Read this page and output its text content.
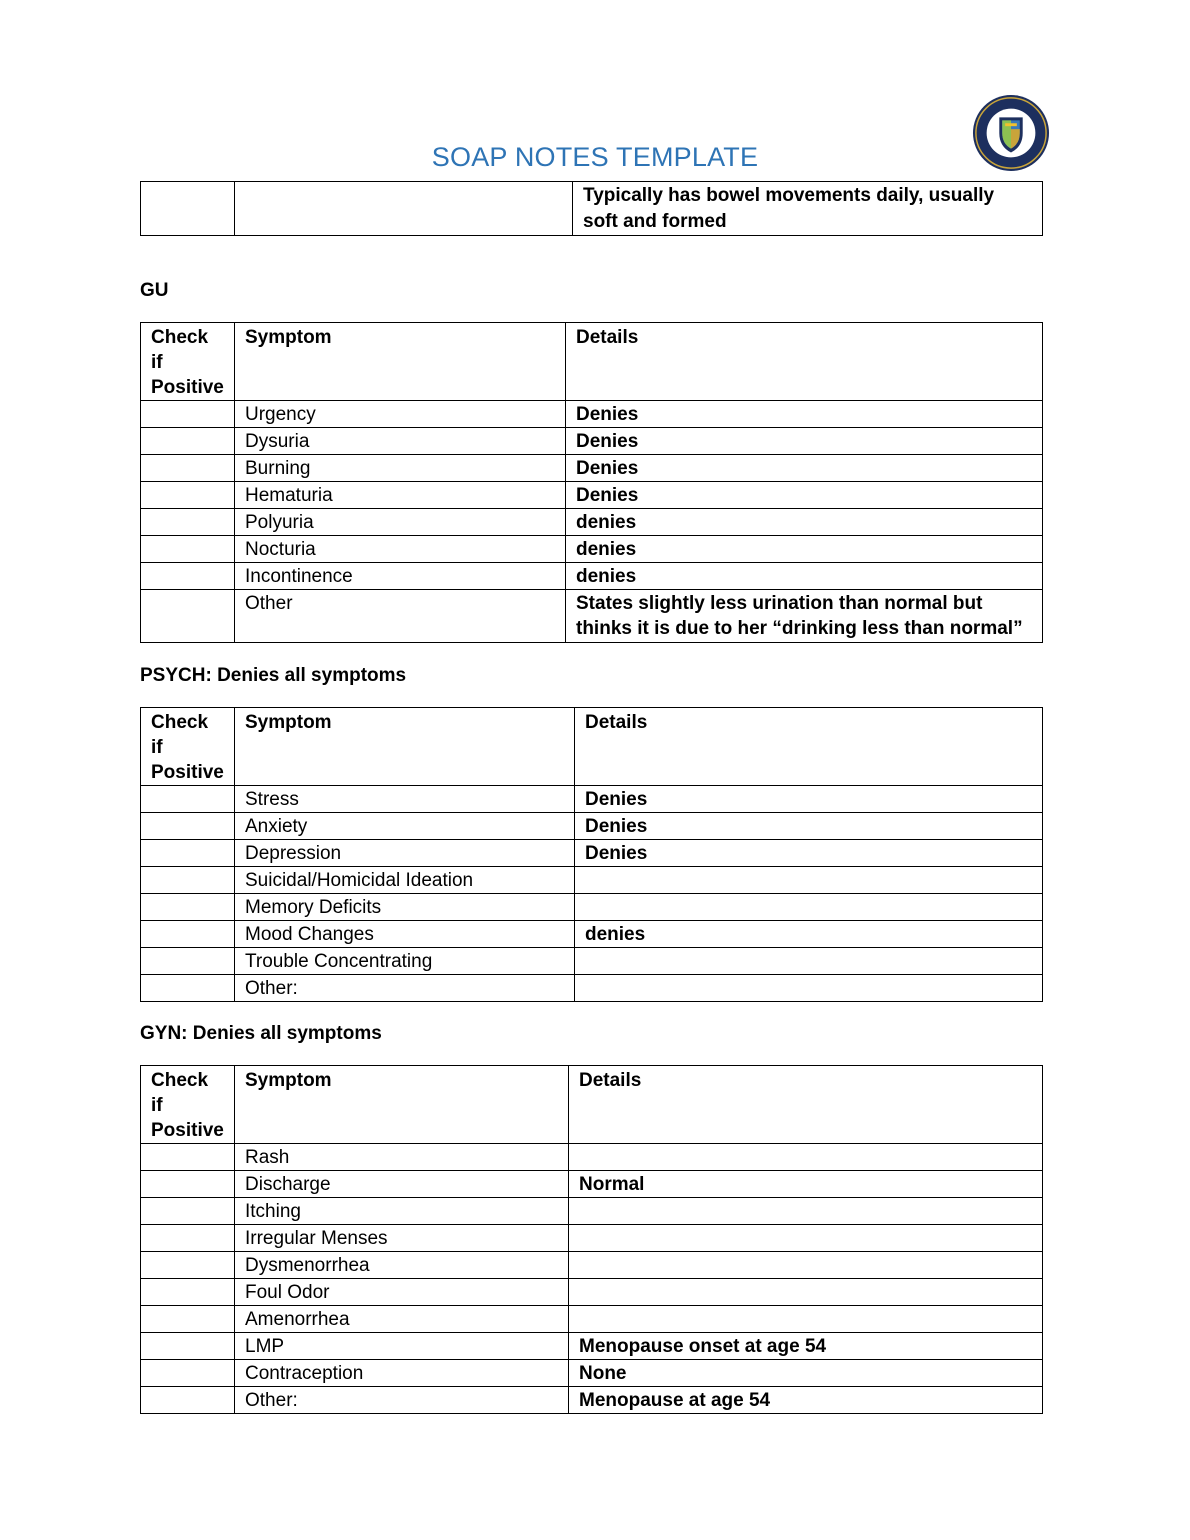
SOAP NOTES TEMPLATE
		Typically has bowel movements daily, usually soft and formed
GU
Check if Positive	Symptom	Details
	Urgency	Denies
	Dysuria	Denies
	Burning	Denies
	Hematuria	Denies
	Polyuria	denies
	Nocturia	denies
	Incontinence	denies
	Other	States slightly less urination than normal but thinks it is due to her “drinking less than normal”
PSYCH: Denies all symptoms
Check if Positive	Symptom	Details
	Stress	Denies
	Anxiety	Denies
	Depression	Denies
	Suicidal/Homicidal Ideation	
	Memory Deficits	
	Mood Changes	denies
	Trouble Concentrating	
	Other:	
GYN: Denies all symptoms
Check if Positive	Symptom	Details
	Rash	
	Discharge	Normal
	Itching	
	Irregular Menses	
	Dysmenorrhea	
	Foul Odor	
	Amenorrhea	
	LMP	Menopause onset at age 54
	Contraception	None
	Other:	Menopause at age 54
